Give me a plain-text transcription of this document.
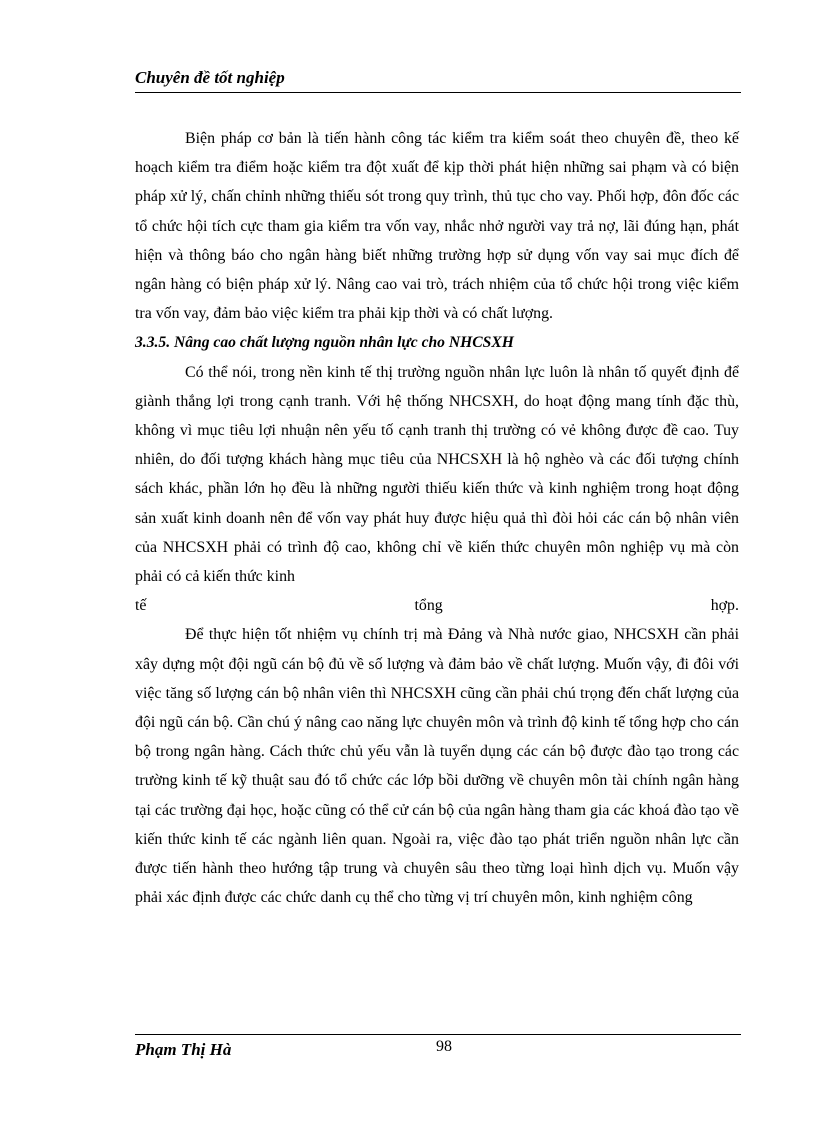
Chuyên đề tốt nghiệp

Biện pháp cơ bản là tiến hành công tác kiểm tra kiểm soát theo chuyên đề, theo kế hoạch kiểm tra điểm hoặc kiểm tra đột xuất để kịp thời phát hiện những sai phạm và có biện pháp xử lý, chấn chỉnh những thiếu sót trong quy trình, thủ tục cho vay. Phối hợp, đôn đốc các tổ chức hội tích cực tham gia kiểm tra vốn vay, nhắc nhở người vay trả nợ, lãi đúng hạn, phát hiện và thông báo cho ngân hàng biết những trường hợp sử dụng vốn vay sai mục đích để ngân hàng có biện pháp xử lý. Nâng cao vai trò, trách nhiệm của tổ chức hội trong việc kiểm tra vốn vay, đảm bảo việc kiểm tra phải kịp thời và có chất lượng.

3.3.5. Nâng cao chất lượng nguồn nhân lực cho NHCSXH

Có thể nói, trong nền kinh tế thị trường nguồn nhân lực luôn là nhân tố quyết định để giành thắng lợi trong cạnh tranh. Với hệ thống NHCSXH, do hoạt động mang tính đặc thù, không vì mục tiêu lợi nhuận nên yếu tố cạnh tranh thị trường có vẻ không được đề cao. Tuy nhiên, do đối tượng khách hàng mục tiêu của NHCSXH là hộ nghèo và các đối tượng chính sách khác, phần lớn họ đều là những người thiếu kiến thức và kinh nghiệm trong hoạt động sản xuất kinh doanh nên để vốn vay phát huy được hiệu quả thì đòi hỏi các cán bộ nhân viên của NHCSXH phải có trình độ cao, không chỉ về kiến thức chuyên môn nghiệp vụ mà còn phải có cả kiến thức kinh

tế	tổng	hợp.

Để thực hiện tốt nhiệm vụ chính trị mà Đảng và Nhà nước giao, NHCSXH cần phải xây dựng một đội ngũ cán bộ đủ về số lượng và đảm bảo về chất lượng. Muốn vậy, đi đôi với việc tăng số lượng cán bộ nhân viên thì NHCSXH cũng cần phải chú trọng đến chất lượng của đội ngũ cán bộ. Cần chú ý nâng cao năng lực chuyên môn và trình độ kinh tế tổng hợp cho cán bộ trong ngân hàng. Cách thức chủ yếu vẫn là tuyển dụng các cán bộ được đào tạo trong các trường kinh tế kỹ thuật sau đó tổ chức các lớp bồi dưỡng về chuyên môn tài chính ngân hàng tại các trường đại học, hoặc cũng có thể cử cán bộ của ngân hàng tham gia các khoá đào tạo về kiến thức kinh tế các ngành liên quan. Ngoài ra, việc đào tạo phát triển nguồn nhân lực cần được tiến hành theo hướng tập trung và chuyên sâu theo từng loại hình dịch vụ. Muốn vậy phải xác định được các chức danh cụ thể cho từng vị trí chuyên môn, kinh nghiệm công

Phạm Thị Hà	98
